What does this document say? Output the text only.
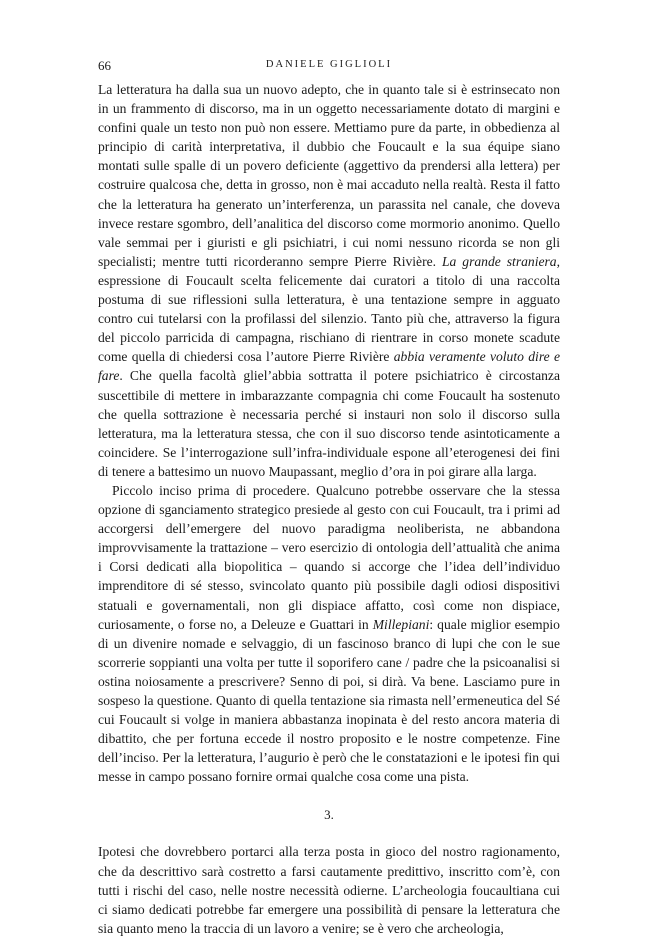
66	DANIELE GIGLIOLI

La letteratura ha dalla sua un nuovo adepto, che in quanto tale si è estrinsecato non in un frammento di discorso, ma in un oggetto necessariamente dotato di margini e confini quale un testo non può non essere. Mettiamo pure da parte, in obbedienza al principio di carità interpretativa, il dubbio che Foucault e la sua équipe siano montati sulle spalle di un povero deficiente (aggettivo da prendersi alla lettera) per costruire qualcosa che, detta in grosso, non è mai accaduto nella realtà. Resta il fatto che la letteratura ha generato un’interferenza, un parassita nel canale, che doveva invece restare sgombro, dell’analitica del discorso come mormorio anonimo. Quello vale semmai per i giuristi e gli psichiatri, i cui nomi nessuno ricorda se non gli specialisti; mentre tutti ricorderanno sempre Pierre Rivière. La grande straniera, espressione di Foucault scelta felicemente dai curatori a titolo di una raccolta postuma di sue riflessioni sulla letteratura, è una tentazione sempre in agguato contro cui tutelarsi con la profilassi del silenzio. Tanto più che, attraverso la figura del piccolo parricida di campagna, rischiano di rientrare in corso monete scadute come quella di chiedersi cosa l’autore Pierre Rivière abbia veramente voluto dire e fare. Che quella facoltà gliel’abbia sottratta il potere psichiatrico è circostanza suscettibile di mettere in imbarazzante compagnia chi come Foucault ha sostenuto che quella sottrazione è necessaria perché si instauri non solo il discorso sulla letteratura, ma la letteratura stessa, che con il suo discorso tende asintoticamente a coincidere. Se l’interrogazione sull’infra-individuale espone all’eterogenesi dei fini di tenere a battesimo un nuovo Maupassant, meglio d’ora in poi girare alla larga.

Piccolo inciso prima di procedere. Qualcuno potrebbe osservare che la stessa opzione di sganciamento strategico presiede al gesto con cui Foucault, tra i primi ad accorgersi dell’emergere del nuovo paradigma neoliberista, ne abbandona improvvisamente la trattazione – vero esercizio di ontologia dell’attualità che anima i Corsi dedicati alla biopolitica – quando si accorge che l’idea dell’individuo imprenditore di sé stesso, svincolato quanto più possibile dagli odiosi dispositivi statuali e governamentali, non gli dispiace affatto, così come non dispiace, curiosamente, o forse no, a Deleuze e Guattari in Millepiani: quale miglior esempio di un divenire nomade e selvaggio, di un fascinoso branco di lupi che con le sue scorrerie soppianti una volta per tutte il soporifero cane / padre che la psicoanalisi si ostina noiosamente a prescrivere? Senno di poi, si dirà. Va bene. Lasciamo pure in sospeso la questione. Quanto di quella tentazione sia rimasta nell’ermeneutica del Sé cui Foucault si volge in maniera abbastanza inopinata è del resto ancora materia di dibattito, che per fortuna eccede il nostro proposito e le nostre competenze. Fine dell’inciso. Per la letteratura, l’augurio è però che le constatazioni e le ipotesi fin qui messe in campo possano fornire ormai qualche cosa come una pista.

3.

Ipotesi che dovrebbero portarci alla terza posta in gioco del nostro ragionamento, che da descrittivo sarà costretto a farsi cautamente predittivo, inscritto com’è, con tutti i rischi del caso, nelle nostre necessità odierne. L’archeologia foucaultiana cui ci siamo dedicati potrebbe far emergere una possibilità di pensare la letteratura che sia quanto meno la traccia di un lavoro a venire; se è vero che archeologia,
